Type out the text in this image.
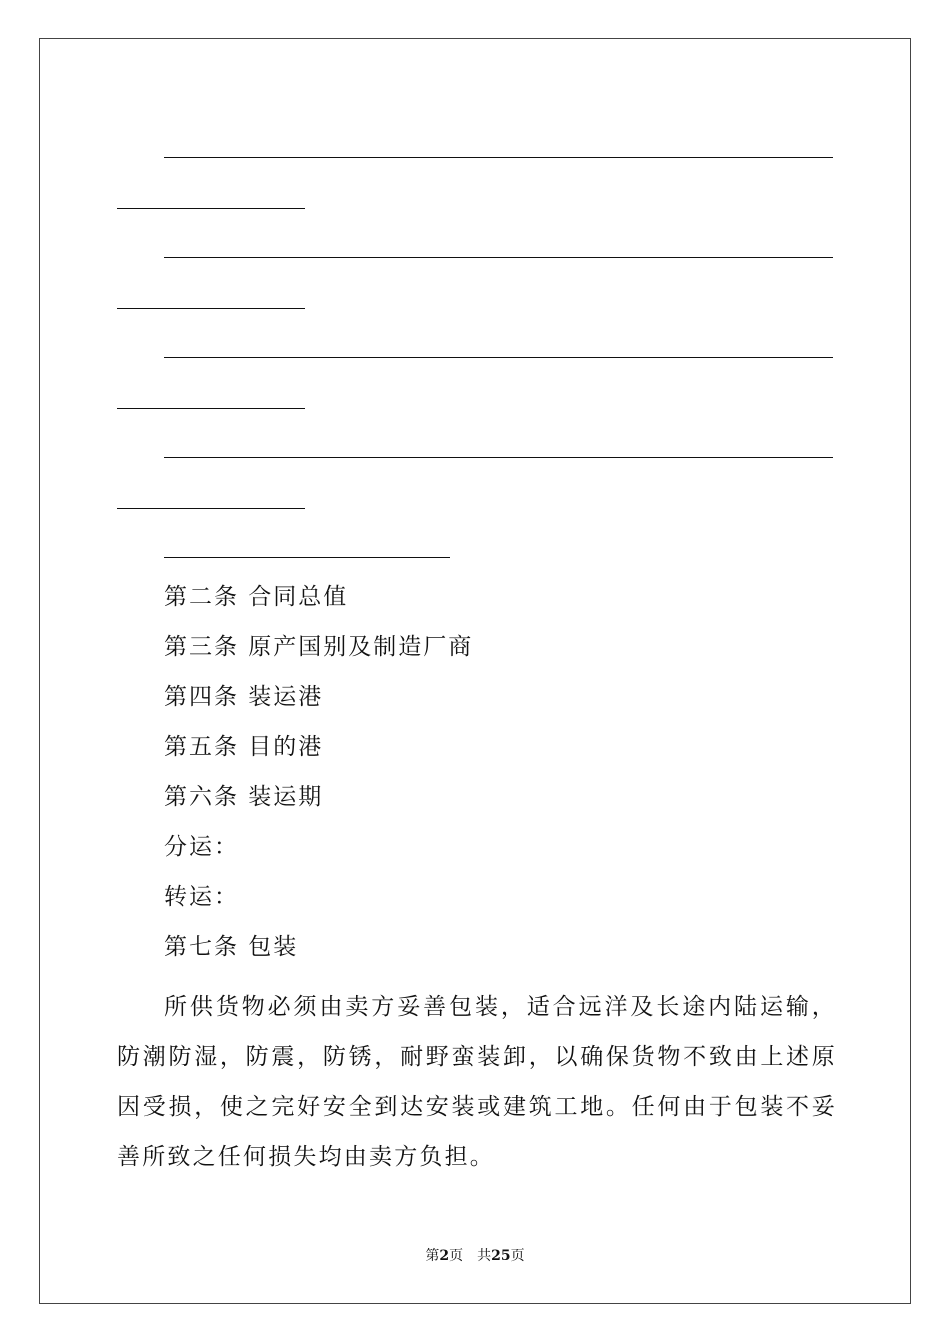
第二条 合同总值
第三条 原产国别及制造厂商
第四条 装运港
第五条 目的港
第六条 装运期
分运：
转运：
第七条 包装
所供货物必须由卖方妥善包装，适合远洋及长途内陆运输，防潮防湿，防震，防锈，耐野蛮装卸，以确保货物不致由上述原因受损，使之完好安全到达安装或建筑工地。任何由于包装不妥善所致之任何损失均由卖方负担。
第2页 共25页
